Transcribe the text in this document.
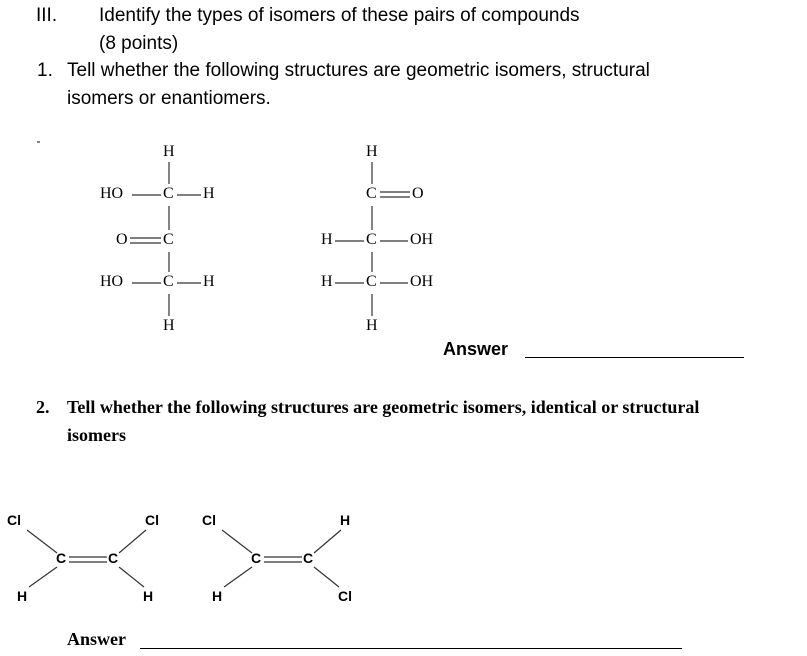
III. Identify the types of isomers of these pairs of compounds
(8 points)
1. Tell whether the following structures are geometric isomers, structural
isomers or enantiomers.
H
HO C H
O C
HO C H
H
H
C O
H C OH
H C OH
H
Answer
2. Tell whether the following structures are geometric isomers, identical or structural
isomers
Cl
H
C	C
Cl
H
Cl
H
C	C
H
Cl
Answer
